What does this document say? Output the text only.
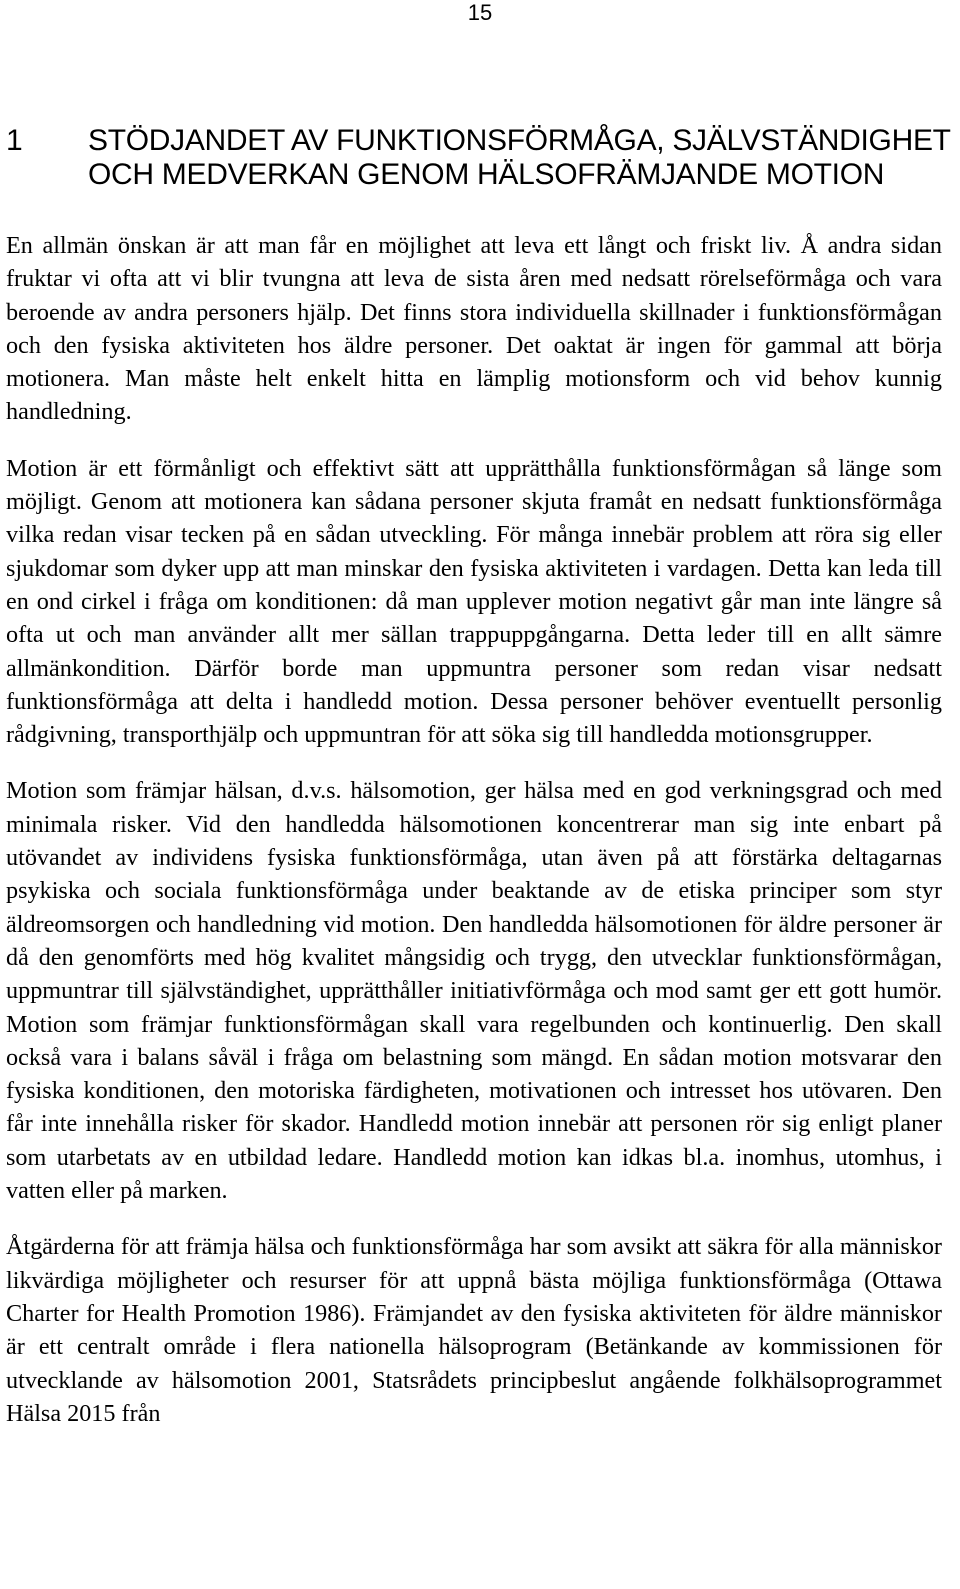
15
1	STÖDJANDET AV FUNKTIONSFÖRMÅGA, SJÄLVSTÄNDIGHET OCH MEDVERKAN GENOM HÄLSOFRÄMJANDE MOTION

En allmän önskan är att man får en möjlighet att leva ett långt och friskt liv. Å andra sidan fruktar vi ofta att vi blir tvungna att leva de sista åren med nedsatt rörelseförmåga och vara beroende av andra personers hjälp. Det finns stora individuella skillnader i funktionsförmågan och den fysiska aktiviteten hos äldre personer. Det oaktat är ingen för gammal att börja motionera. Man måste helt enkelt hitta en lämplig motionsform och vid behov kunnig handledning.

Motion är ett förmånligt och effektivt sätt att upprätthålla funktionsförmågan så länge som möjligt. Genom att motionera kan sådana personer skjuta framåt en nedsatt funktionsförmåga vilka redan visar tecken på en sådan utveckling. För många innebär problem att röra sig eller sjukdomar som dyker upp att man minskar den fysiska aktiviteten i vardagen. Detta kan leda till en ond cirkel i fråga om konditionen: då man upplever motion negativt går man inte längre så ofta ut och man använder allt mer sällan trappuppgångarna. Detta leder till en allt sämre allmänkondition. Därför borde man uppmuntra personer som redan visar nedsatt funktionsförmåga att delta i handledd motion. Dessa personer behöver eventuellt personlig rådgivning, transporthjälp och uppmuntran för att söka sig till handledda motionsgrupper.

Motion som främjar hälsan, d.v.s. hälsomotion, ger hälsa med en god verkningsgrad och med minimala risker. Vid den handledda hälsomotionen koncentrerar man sig inte enbart på utövandet av individens fysiska funktionsförmåga, utan även på att förstärka deltagarnas psykiska och sociala funktionsförmåga under beaktande av de etiska principer som styr äldreomsorgen och handledning vid motion. Den handledda hälsomotionen för äldre personer är då den genomförts med hög kvalitet mångsidig och trygg, den utvecklar funktionsförmågan, uppmuntrar till självständighet, upprätthåller initiativförmåga och mod samt ger ett gott humör. Motion som främjar funktionsförmågan skall vara regelbunden och kontinuerlig. Den skall också vara i balans såväl i fråga om belastning som mängd. En sådan motion motsvarar den fysiska konditionen, den motoriska färdigheten, motivationen och intresset hos utövaren. Den får inte innehålla risker för skador. Handledd motion innebär att personen rör sig enligt planer som utarbetats av en utbildad ledare. Handledd motion kan idkas bl.a. inomhus, utomhus, i vatten eller på marken.

Åtgärderna för att främja hälsa och funktionsförmåga har som avsikt att säkra för alla människor likvärdiga möjligheter och resurser för att uppnå bästa möjliga funktionsförmåga (Ottawa Charter for Health Promotion 1986). Främjandet av den fysiska aktiviteten för äldre människor är ett centralt område i flera nationella hälsoprogram (Betänkande av kommissionen för utvecklande av hälsomotion 2001, Statsrådets principbeslut angående folkhälsoprogrammet Hälsa 2015 från
